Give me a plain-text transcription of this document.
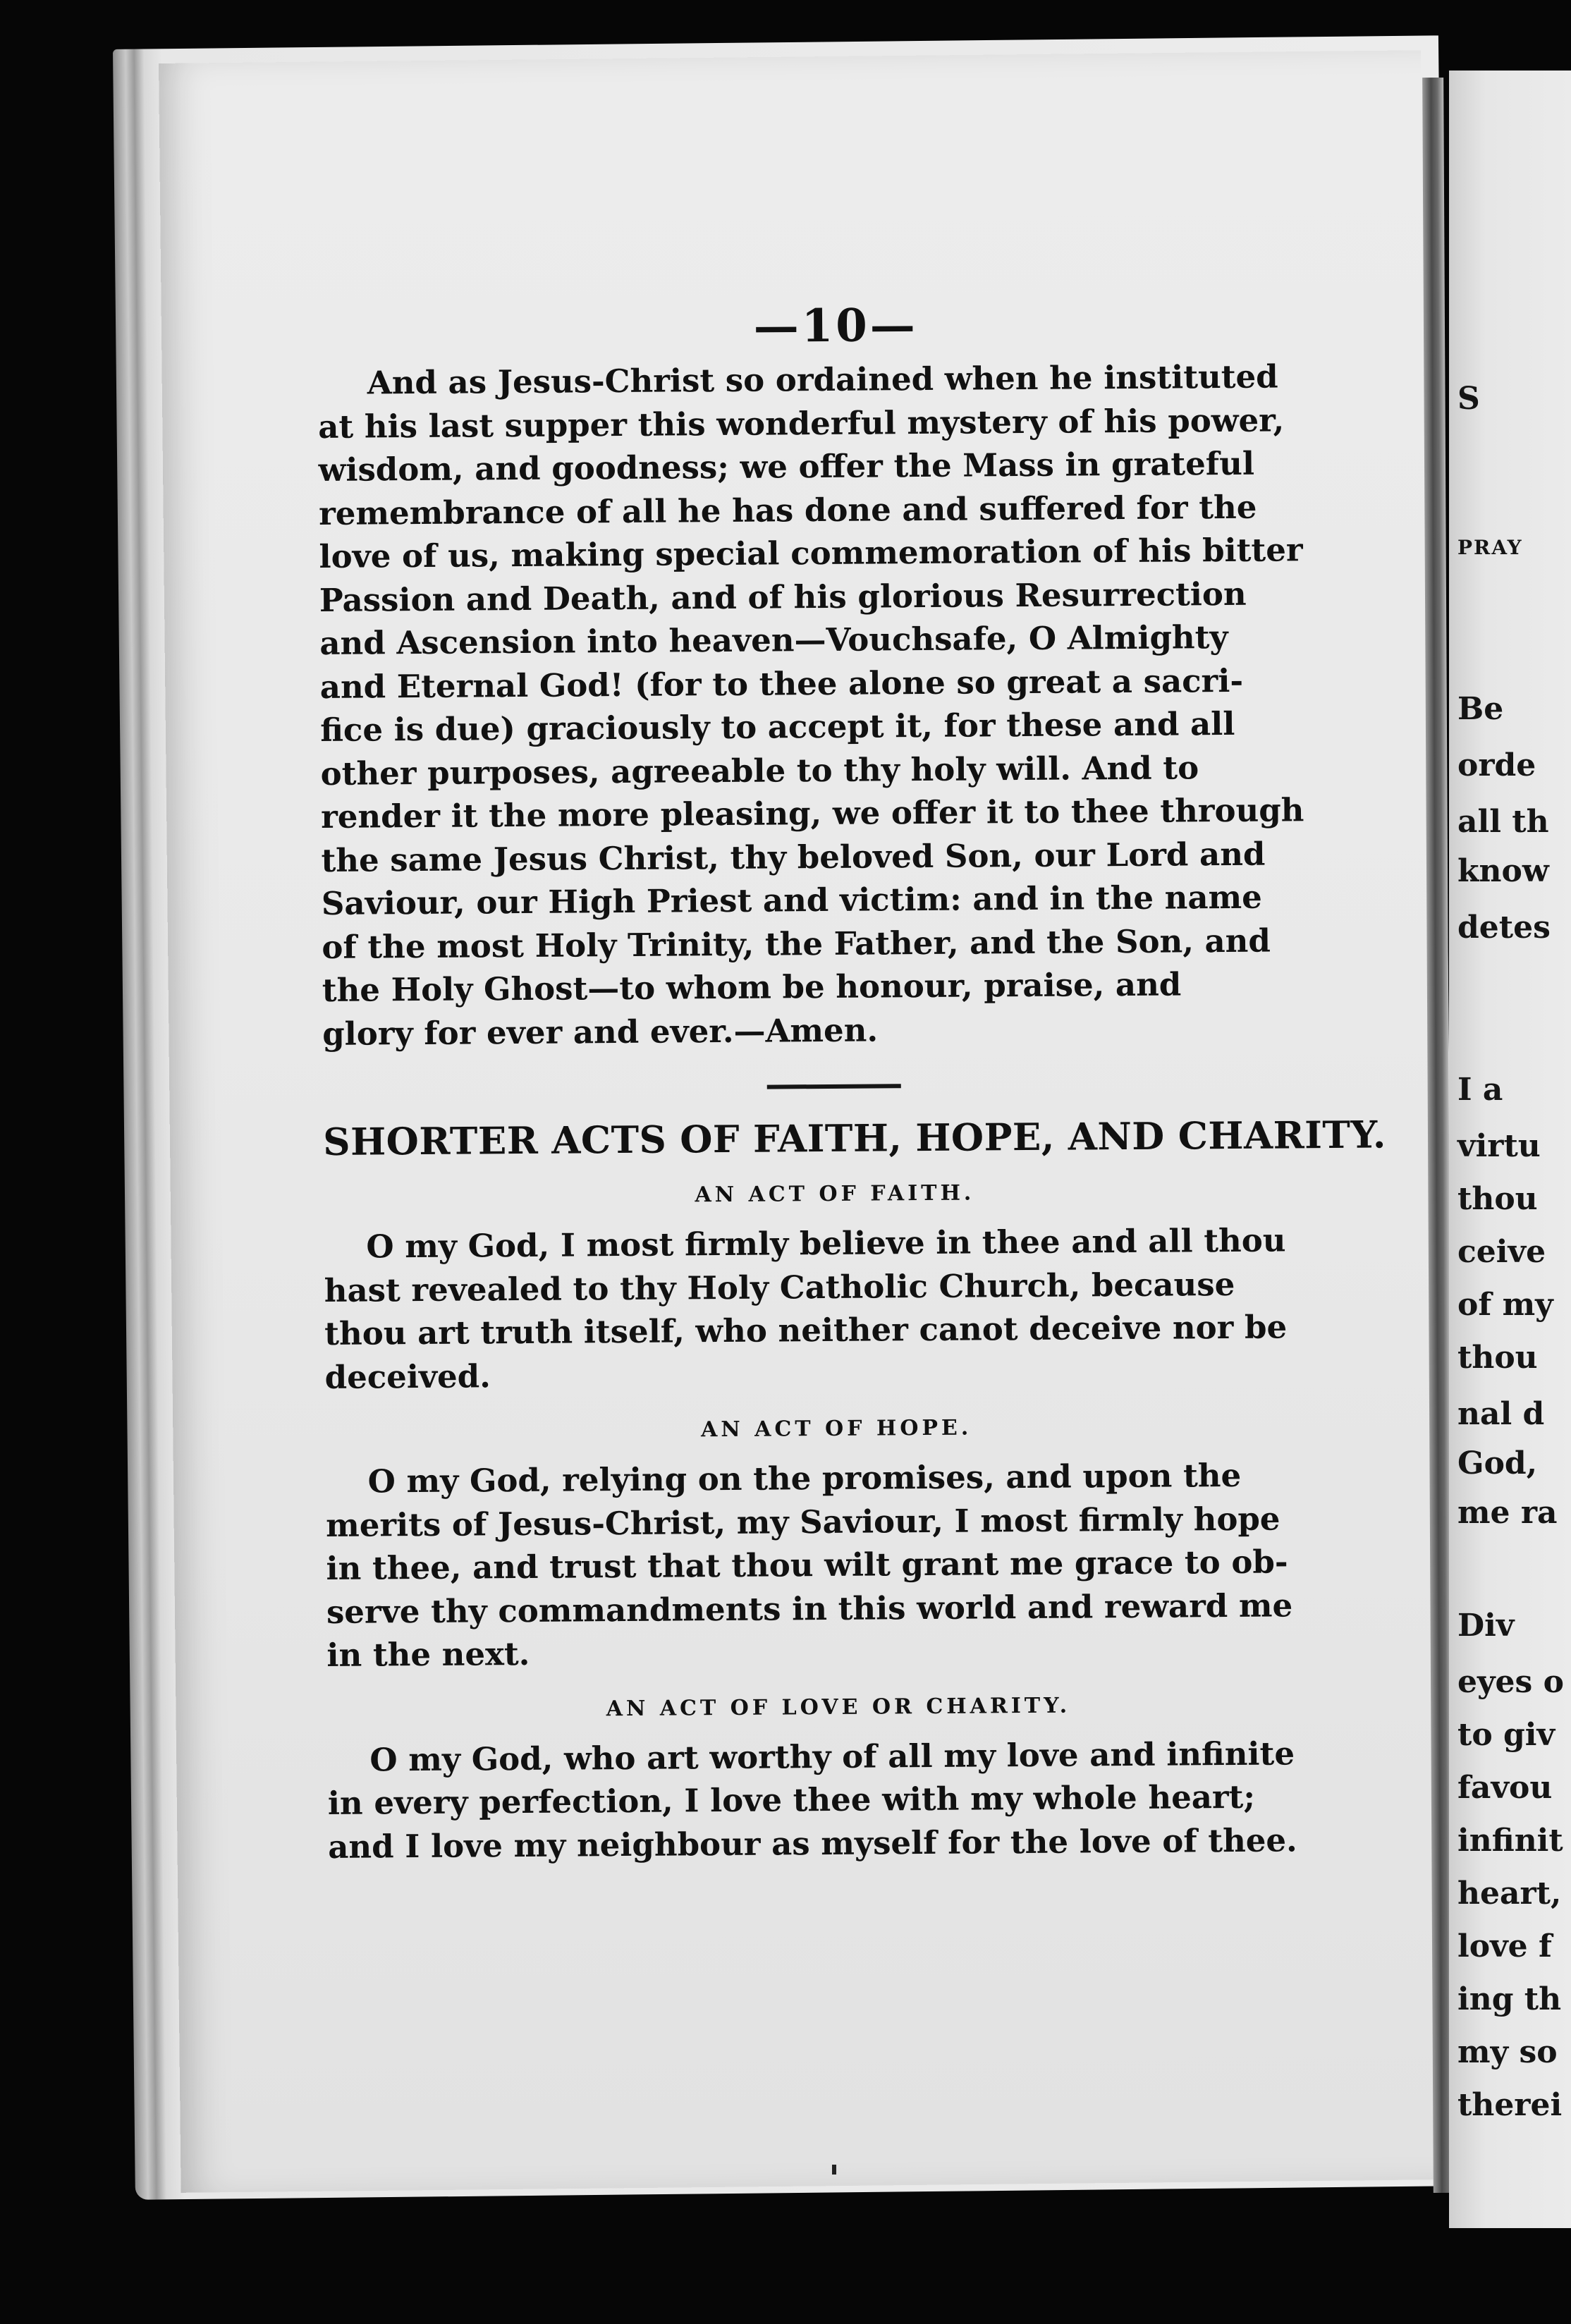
S
PRAY
Be
orde
all th
know
detes
I a
virtu
thou
ceive
of my
thou
nal d
God,
me ra
Div
eyes o
to giv
favou
infinit
heart,
love f
ing th
my so
therei
—10—

And as Jesus-Christ so ordained when he instituted
at his last supper this wonderful mystery of his power,
wisdom, and goodness; we offer the Mass in grateful
remembrance of all he has done and suffered for the
love of us, making special commemoration of his bitter
Passion and Death, and of his glorious Resurrection
and Ascension into heaven—Vouchsafe, O Almighty
and Eternal God! (for to thee alone so great a sacri-
fice is due) graciously to accept it, for these and all
other purposes, agreeable to thy holy will. And to
render it the more pleasing, we offer it to thee through
the same Jesus Christ, thy beloved Son, our Lord and
Saviour, our High Priest and victim: and in the name
of the most Holy Trinity, the Father, and the Son, and
the Holy Ghost—to whom be honour, praise, and
glory for ever and ever.—Amen.

SHORTER ACTS OF FAITH, HOPE, AND CHARITY.
AN ACT OF FAITH.

O my God, I most firmly believe in thee and all thou
hast revealed to thy Holy Catholic Church, because
thou art truth itself, who neither canot deceive nor be
deceived.

AN ACT OF HOPE.

O my God, relying on the promises, and upon the
merits of Jesus-Christ, my Saviour, I most firmly hope
in thee, and trust that thou wilt grant me grace to ob-
serve thy commandments in this world and reward me
in the next.

AN ACT OF LOVE OR CHARITY.

O my God, who art worthy of all my love and infinite
in every perfection, I love thee with my whole heart;
and I love my neighbour as myself for the love of thee.
